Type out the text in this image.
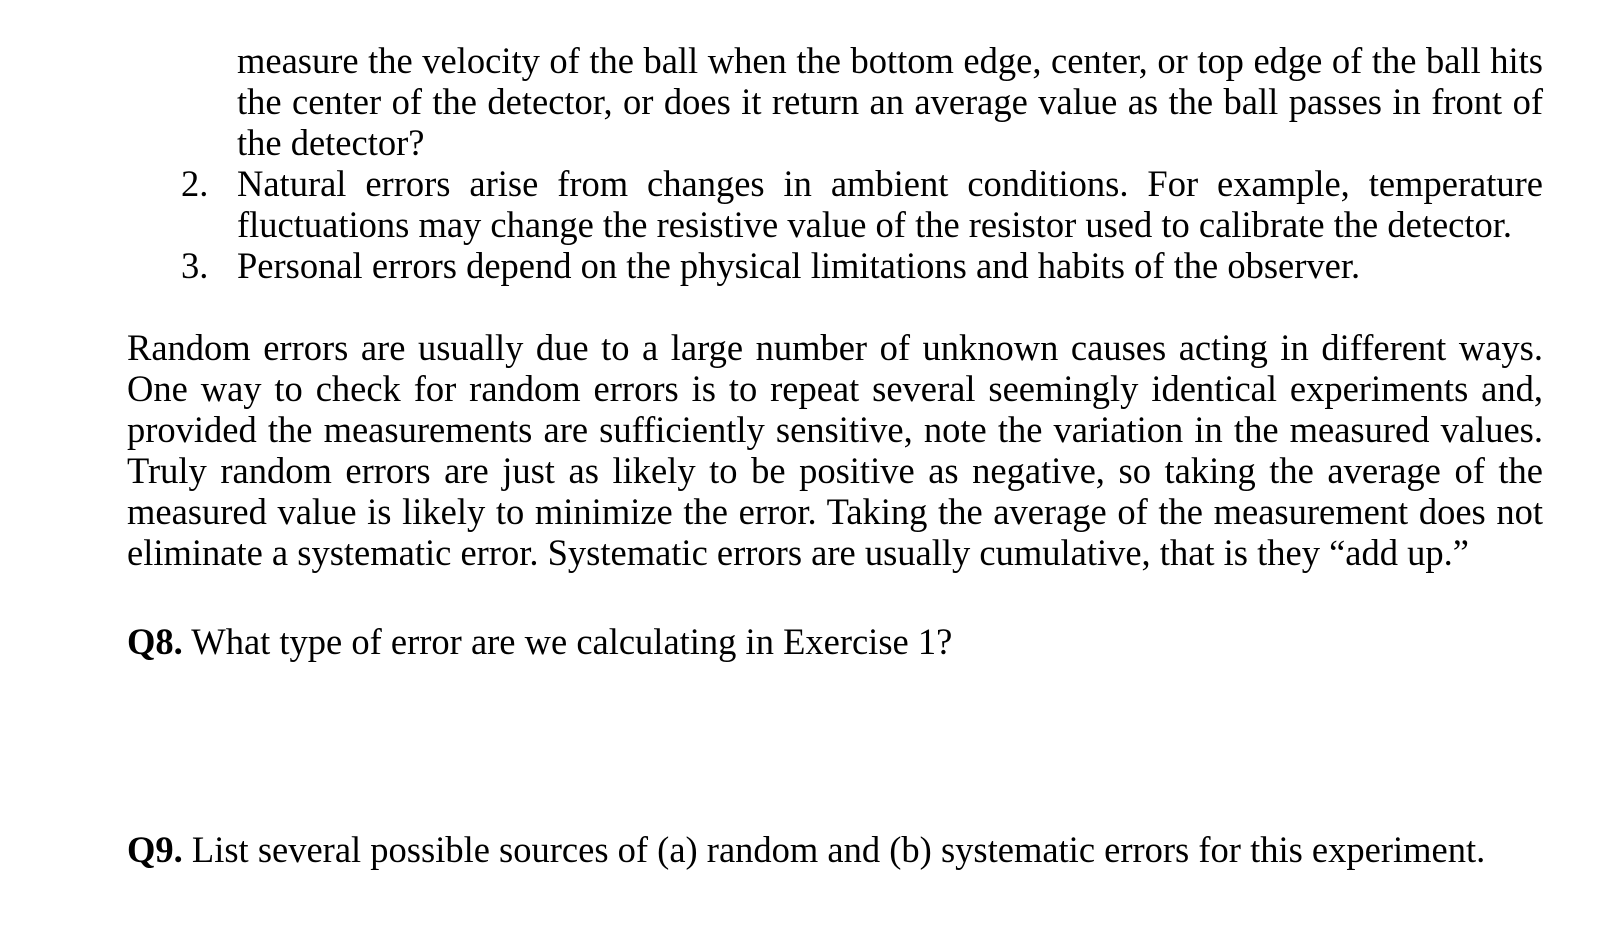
measure the velocity of the ball when the bottom edge, center, or top edge of the ball hits the center of the detector, or does it return an average value as the ball passes in front of the detector?
2. Natural errors arise from changes in ambient conditions. For example, temperature fluctuations may change the resistive value of the resistor used to calibrate the detector.
3. Personal errors depend on the physical limitations and habits of the observer.
Random errors are usually due to a large number of unknown causes acting in different ways. One way to check for random errors is to repeat several seemingly identical experiments and, provided the measurements are sufficiently sensitive, note the variation in the measured values. Truly random errors are just as likely to be positive as negative, so taking the average of the measured value is likely to minimize the error. Taking the average of the measurement does not eliminate a systematic error. Systematic errors are usually cumulative, that is they “add up.”
Q8. What type of error are we calculating in Exercise 1?
Q9. List several possible sources of (a) random and (b) systematic errors for this experiment.
